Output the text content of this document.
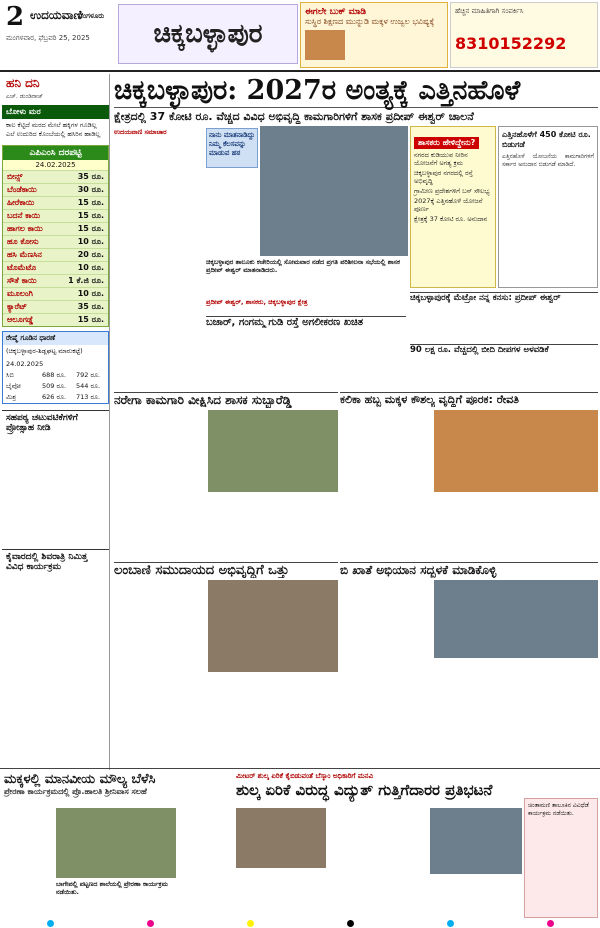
2 ಉದಯವಾಣಿ
ಬೆಂಗಳೂರು
ಮಂಗಳವಾರ, ಫೆಬ್ರವರಿ 25, 2025 ಚಿಕ್ಕಬಳ್ಳಾಪುರ
ಈಗಲೇ ಬುಕ್ ಮಾಡಿ
ಸುಸ್ಥಿರ ಶಿಕ್ಷಣದ ಮುನ್ನುಡಿ ಮಕ್ಕಳ ಉಜ್ವಲ ಭವಿಷ್ಯಕ್ಕೆ
ಹೆಚ್ಚಿನ ಮಾಹಿತಿಗಾಗಿ ಸಂಪರ್ಕಿಸಿ
8310152292
ಹನಿ ದನಿ
ಎಚ್. ಡುಂಡಿರಾಜ್
ಬೋಳು ಮರ
ಕಾಲ ಕೆಟ್ಟಿದೆ ಮರದ ಮೇಲೆ ಹಕ್ಕಿಗಳ ಗೂಡಿಲ್ಲ ಎಲೆ ಉದುರಿದ ಕೊಂಬೆಯಲ್ಲಿ ಹಸಿರಿನ ಹಾಡಿಲ್ಲ
ಎಪಿಎಂಸಿ ದರಪಟ್ಟಿ
24.02.2025
ಬೀನ್ಸ್	35 ರೂ.
ಬೆಂಡೆಕಾಯಿ	30 ರೂ.
ಹೀರೆಕಾಯಿ	15 ರೂ.
ಬದನೆ ಕಾಯಿ	15 ರೂ.
ಹಾಗಲ ಕಾಯಿ	15 ರೂ.
ಹೂ ಕೋಸು	10 ರೂ.
ಹಸಿ ಮೆಣಸಿನ	20 ರೂ.
ಟೊಮೆಟೊ	10 ರೂ.
ಸೌತೆ ಕಾಯಿ	1 ಕೆ.ಜಿ ರೂ.
ಮೂಲಂಗಿ	10 ರೂ.
ಕ್ಯಾರೆಟ್	35 ರೂ.
ಆಲೂಗಡ್ಡೆ	15 ರೂ.
ರೇಷ್ಮೆ ಗೂಡಿನ ಧಾರಣೆ
(ಚಿಕ್ಕಬಳ್ಳಾಪುರ-ಶಿಡ್ಲಘಟ್ಟ ಮಾರುಕಟ್ಟೆ)
24.02.2025
ಸಿಬಿ	688 ರೂ.	792 ರೂ.
ಬೈವೋ	509 ರೂ.	544 ರೂ.
ಮಿಶ್ರ	626 ರೂ.	713 ರೂ.
ಸಹಪಠ್ಯ ಚಟುವಟಿಕೆಗಳಿಗೆ ಪ್ರೋತ್ಸಾಹ ನೀಡಿ
ಕೈವಾರದಲ್ಲಿ ಶಿವರಾತ್ರಿ ನಿಮಿತ್ತ ವಿವಿಧ ಕಾರ್ಯಕ್ರಮ
ಚಿಕ್ಕಬಳ್ಳಾಪುರ: 2027ರ ಅಂತ್ಯಕ್ಕೆ ಎತ್ತಿನಹೊಳೆ
ಕ್ಷೇತ್ರದಲ್ಲಿ 37 ಕೋಟಿ ರೂ. ವೆಚ್ಚದ ವಿವಿಧ ಅಭಿವೃದ್ಧಿ ಕಾಮಗಾರಿಗಳಿಗೆ ಶಾಸಕ ಪ್ರದೀಪ್ ಈಶ್ವರ್ ಚಾಲನೆ
ಉದಯವಾಣಿ ಸಮಾಚಾರ	ನಾನು ಮಾತನಾಡಿದ್ದು ನಿಮ್ಮ ಕೆಲಸವನ್ನು ಮಾಡುವ ಹಠ
ಚಿಕ್ಕಬಳ್ಳಾಪುರ ತಾಲೂಕು ಕಚೇರಿಯಲ್ಲಿ ಸೋಮವಾರ ನಡೆದ ಪ್ರಗತಿ ಪರಿಶೀಲನಾ ಸಭೆಯಲ್ಲಿ ಶಾಸಕ ಪ್ರದೀಪ್ ಈಶ್ವರ್ ಮಾತನಾಡಿದರು.
ಪ್ರದೀಪ್ ಈಶ್ವರ್, ಶಾಸಕರು, ಚಿಕ್ಕಬಳ್ಳಾಪುರ ಕ್ಷೇತ್ರ
ಶಾಸಕರು ಹೇಳಿದ್ದೇನು?
ನಗರದ ಕುಡಿಯುವ ನೀರಿನ ಯೋಜನೆಗೆ ಅಗತ್ಯ ಕ್ರಮ
ಚಿಕ್ಕಬಳ್ಳಾಪುರ ನಗರದಲ್ಲಿ ರಸ್ತೆ ಅಭಿವೃದ್ಧಿ
ಗ್ರಾಮೀಣ ಪ್ರದೇಶಗಳಿಗೆ ಬಸ್ ಸೌಲಭ್ಯ
2027ಕ್ಕೆ ಎತ್ತಿನಹೊಳೆ ಯೋಜನೆ ಪೂರ್ಣ
ಕ್ಷೇತ್ರಕ್ಕೆ 37 ಕೋಟಿ ರೂ. ಅನುದಾನ
ಎತ್ತಿನಹೊಳೆಗೆ 450 ಕೋಟಿ ರೂ. ಬಿಡುಗಡೆ
ಎತ್ತಿನಹೊಳೆ ಯೋಜನೆಯ ಕಾಮಗಾರಿಗಳಿಗೆ ಸರ್ಕಾರ ಅನುದಾನ ಬಿಡುಗಡೆ ಮಾಡಿದೆ.
ಬಜಾರ್, ಗಂಗಮ್ಮ ಗುಡಿ ರಸ್ತೆ ಅಗಲೀಕರಣ ಖಚಿತ
ಚಿಕ್ಕಬಳ್ಳಾಪುರಕ್ಕೆ ಮೆಟ್ರೋ ನನ್ನ ಕನಸು: ಪ್ರದೀಪ್ ಈಶ್ವರ್
90 ಲಕ್ಷ ರೂ. ವೆಚ್ಚದಲ್ಲಿ ಬೀದಿ ದೀಪಗಳ ಅಳವಡಿಕೆ
ನರೇಗಾ ಕಾಮಗಾರಿ ವೀಕ್ಷಿಸಿದ ಶಾಸಕ ಸುಬ್ಬಾರೆಡ್ಡಿ	ಕಲಿಕಾ ಹಬ್ಬ ಮಕ್ಕಳ ಕೌಶಲ್ಯ ವೃದ್ಧಿಗೆ ಪೂರಕ: ರೇವತಿ
ಲಂಬಾಣಿ ಸಮುದಾಯದ ಅಭಿವೃದ್ಧಿಗೆ ಒತ್ತು	ಬಿ ಖಾತೆ ಅಭಿಯಾನ ಸದ್ಬಳಕೆ ಮಾಡಿಕೊಳ್ಳಿ
ಮಕ್ಕಳಲ್ಲಿ ಮಾನವೀಯ ಮೌಲ್ಯ ಬೆಳೆಸಿ
ಪ್ರೇರಣಾ ಕಾರ್ಯಕ್ರಮದಲ್ಲಿ ಪ್ರೊ.ಹಾಲತಿ ಶ್ರೀನಿವಾಸ ಸಲಹೆ
ಬಾಗೇಪಲ್ಲಿ ಪಟ್ಟಣದ ಶಾಲೆಯಲ್ಲಿ ಪ್ರೇರಣಾ ಕಾರ್ಯಕ್ರಮ ನಡೆಯಿತು.
ಮೀಟರ್ ಶುಲ್ಕ ಏರಿಕೆ ಕೈಬಿಡುವಂತೆ ಬೆಸ್ಕಾಂ ಅಧಿಕಾರಿಗೆ ಮನವಿ
ಶುಲ್ಕ ಏರಿಕೆ ವಿರುದ್ಧ ವಿದ್ಯುತ್ ಗುತ್ತಿಗೆದಾರರ ಪ್ರತಿಭಟನೆ
ಚಿಂತಾಮಣಿ ತಾಲೂಕಿನ ವಿವಿಧೆಡೆ ಕಾರ್ಯಕ್ರಮ ನಡೆಯಿತು.
